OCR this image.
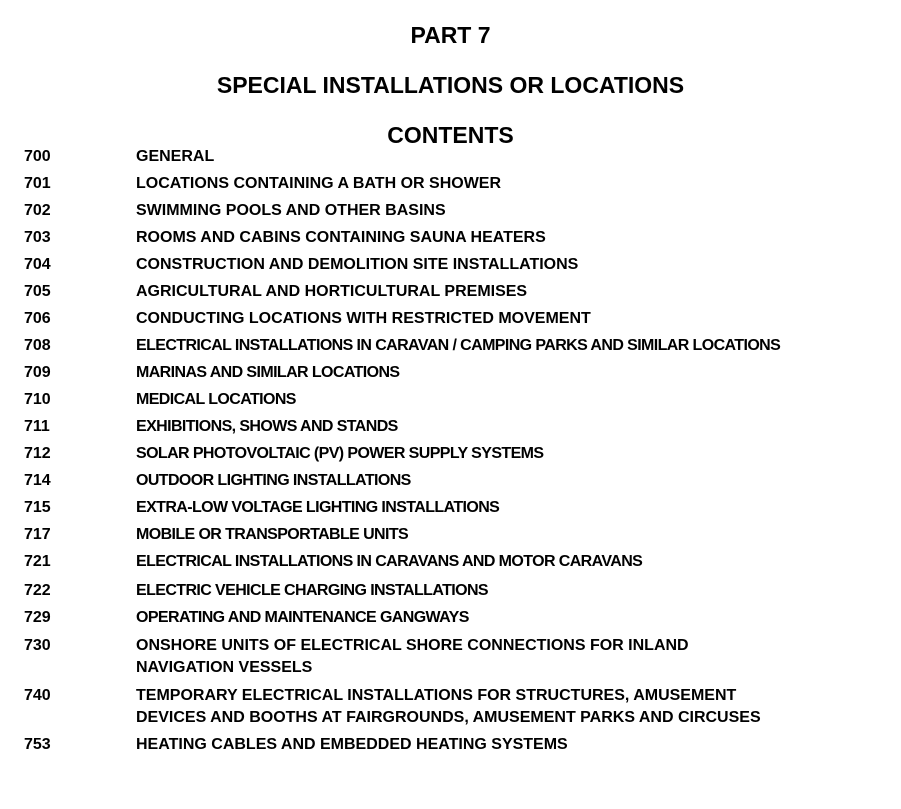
PART 7
SPECIAL INSTALLATIONS OR LOCATIONS
CONTENTS
700	GENERAL
701	LOCATIONS CONTAINING A BATH OR SHOWER
702	SWIMMING POOLS AND OTHER BASINS
703	ROOMS AND CABINS CONTAINING SAUNA HEATERS
704	CONSTRUCTION AND DEMOLITION SITE INSTALLATIONS
705	AGRICULTURAL AND HORTICULTURAL PREMISES
706	CONDUCTING LOCATIONS WITH RESTRICTED MOVEMENT
708	ELECTRICAL INSTALLATIONS IN CARAVAN / CAMPING PARKS AND SIMILAR LOCATIONS
709	MARINAS AND SIMILAR LOCATIONS
710	MEDICAL LOCATIONS
711	EXHIBITIONS, SHOWS AND STANDS
712	SOLAR PHOTOVOLTAIC (PV) POWER SUPPLY SYSTEMS
714	OUTDOOR LIGHTING INSTALLATIONS
715	EXTRA-LOW VOLTAGE LIGHTING INSTALLATIONS
717	MOBILE OR TRANSPORTABLE UNITS
721	ELECTRICAL INSTALLATIONS IN CARAVANS AND MOTOR CARAVANS
722	ELECTRIC VEHICLE CHARGING INSTALLATIONS
729	OPERATING AND MAINTENANCE GANGWAYS
730	ONSHORE UNITS OF ELECTRICAL SHORE CONNECTIONS FOR INLAND
NAVIGATION VESSELS
740	TEMPORARY ELECTRICAL INSTALLATIONS FOR STRUCTURES, AMUSEMENT
DEVICES AND BOOTHS AT FAIRGROUNDS, AMUSEMENT PARKS AND CIRCUSES
753	HEATING CABLES AND EMBEDDED HEATING SYSTEMS
